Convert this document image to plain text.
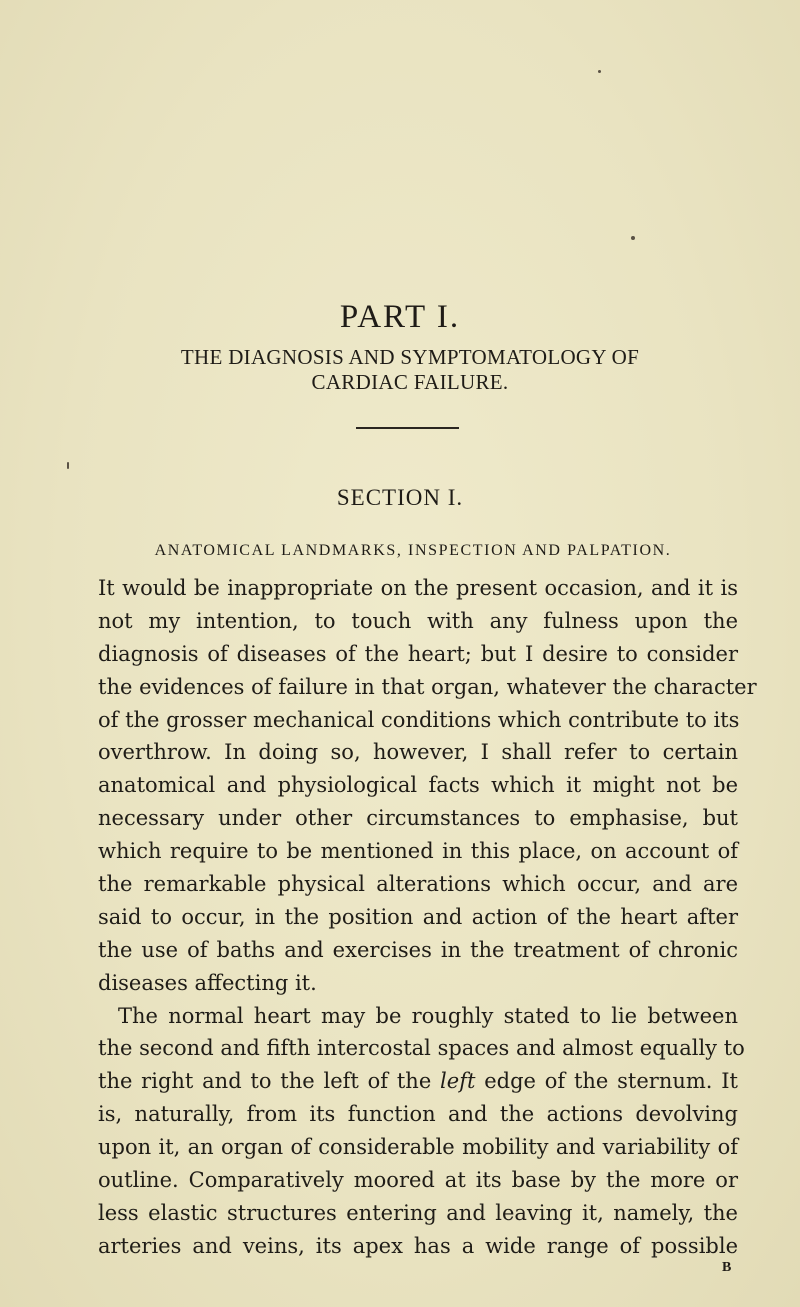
PART I.
THE DIAGNOSIS AND SYMPTOMATOLOGY OF CARDIAC FAILURE.
SECTION I.
ANATOMICAL LANDMARKS, INSPECTION AND PALPATION.
It would be inappropriate on the present occasion, and it is
not my intention, to touch with any fulness upon the
diagnosis of diseases of the heart; but I desire to consider
the evidences of failure in that organ, whatever the character
of the grosser mechanical conditions which contribute to its
overthrow. In doing so, however, I shall refer to certain
anatomical and physiological facts which it might not be
necessary under other circumstances to emphasise, but
which require to be mentioned in this place, on account of
the remarkable physical alterations which occur, and are
said to occur, in the position and action of the heart after
the use of baths and exercises in the treatment of chronic
diseases affecting it.
The normal heart may be roughly stated to lie between
the second and fifth intercostal spaces and almost equally to
the right and to the left of the left edge of the sternum. It
is, naturally, from its function and the actions devolving
upon it, an organ of considerable mobility and variability of
outline. Comparatively moored at its base by the more or
less elastic structures entering and leaving it, namely, the
arteries and veins, its apex has a wide range of possible
B
